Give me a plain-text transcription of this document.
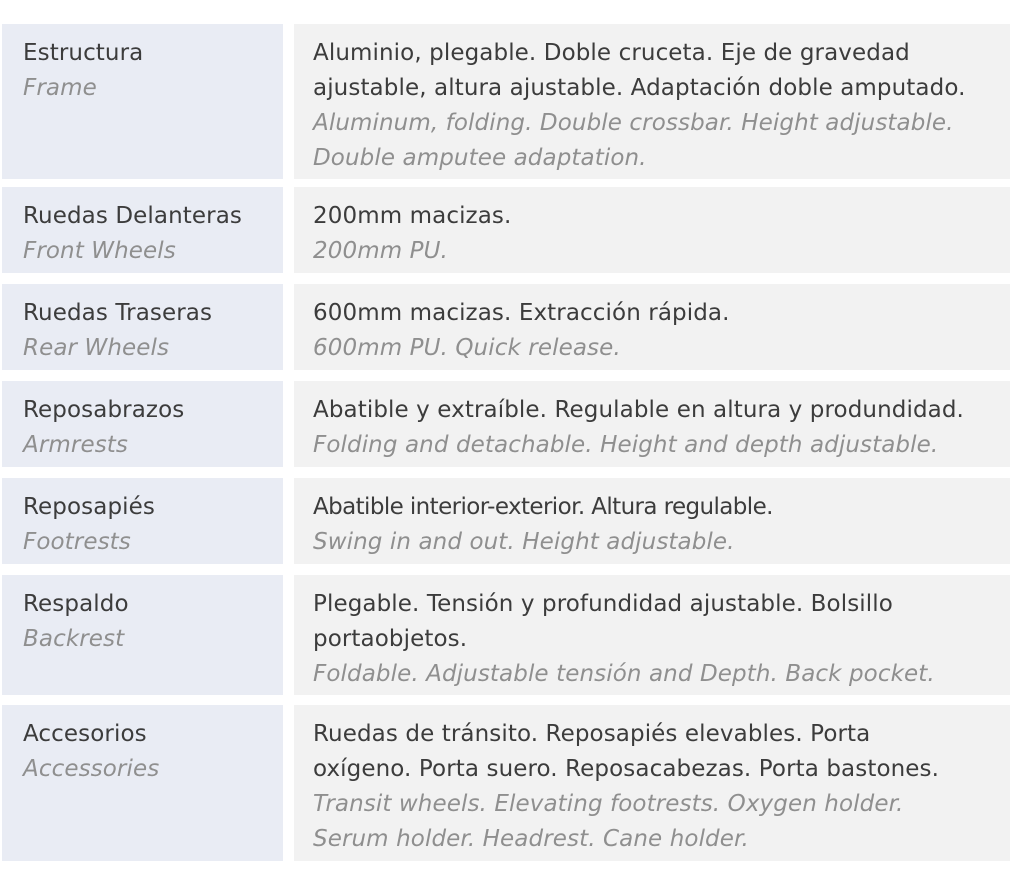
Estructura
Frame
Aluminio, plegable. Doble cruceta. Eje de gravedad
ajustable, altura ajustable. Adaptación doble amputado.
Aluminum, folding. Double crossbar. Height adjustable.
Double amputee adaptation.
Ruedas Delanteras
Front Wheels
200mm macizas.
200mm PU.
Ruedas Traseras
Rear Wheels
600mm macizas. Extracción rápida.
600mm PU. Quick release.
Reposabrazos
Armrests
Abatible y extraíble. Regulable en altura y produndidad.
Folding and detachable. Height and depth adjustable.
Reposapiés
Footrests
Abatible interior-exterior. Altura regulable.
Swing in and out. Height adjustable.
Respaldo
Backrest
Plegable. Tensión y profundidad ajustable. Bolsillo
portaobjetos.
Foldable. Adjustable tensión and Depth. Back pocket.
Accesorios
Accessories
Ruedas de tránsito. Reposapiés elevables. Porta
oxígeno. Porta suero. Reposacabezas. Porta bastones.
Transit wheels. Elevating footrests. Oxygen holder.
Serum holder. Headrest. Cane holder.
